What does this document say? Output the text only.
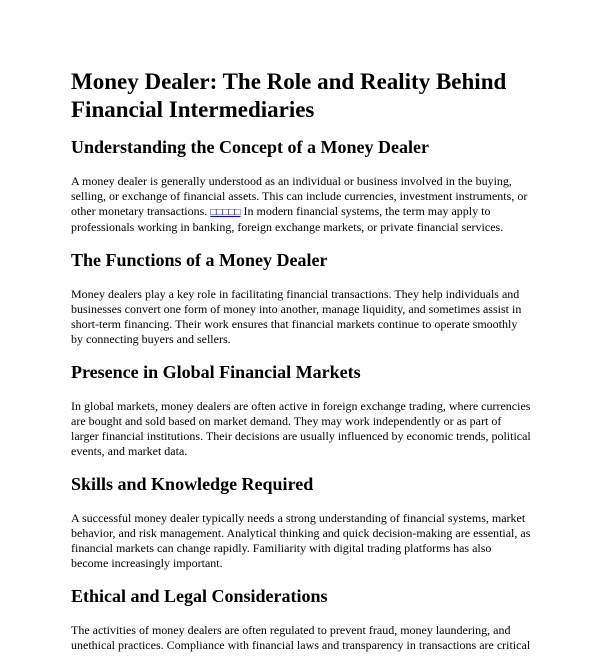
Money Dealer: The Role and Reality Behind Financial Intermediaries
Understanding the Concept of a Money Dealer

A money dealer is generally understood as an individual or business involved in the buying, selling, or exchange of financial assets. This can include currencies, investment instruments, or other monetary transactions. □□□□□ In modern financial systems, the term may apply to professionals working in banking, foreign exchange markets, or private financial services.

The Functions of a Money Dealer

Money dealers play a key role in facilitating financial transactions. They help individuals and businesses convert one form of money into another, manage liquidity, and sometimes assist in short-term financing. Their work ensures that financial markets continue to operate smoothly by connecting buyers and sellers.

Presence in Global Financial Markets

In global markets, money dealers are often active in foreign exchange trading, where currencies are bought and sold based on market demand. They may work independently or as part of larger financial institutions. Their decisions are usually influenced by economic trends, political events, and market data.

Skills and Knowledge Required

A successful money dealer typically needs a strong understanding of financial systems, market behavior, and risk management. Analytical thinking and quick decision-making are essential, as financial markets can change rapidly. Familiarity with digital trading platforms has also become increasingly important.

Ethical and Legal Considerations

The activities of money dealers are often regulated to prevent fraud, money laundering, and unethical practices. Compliance with financial laws and transparency in transactions are critical
